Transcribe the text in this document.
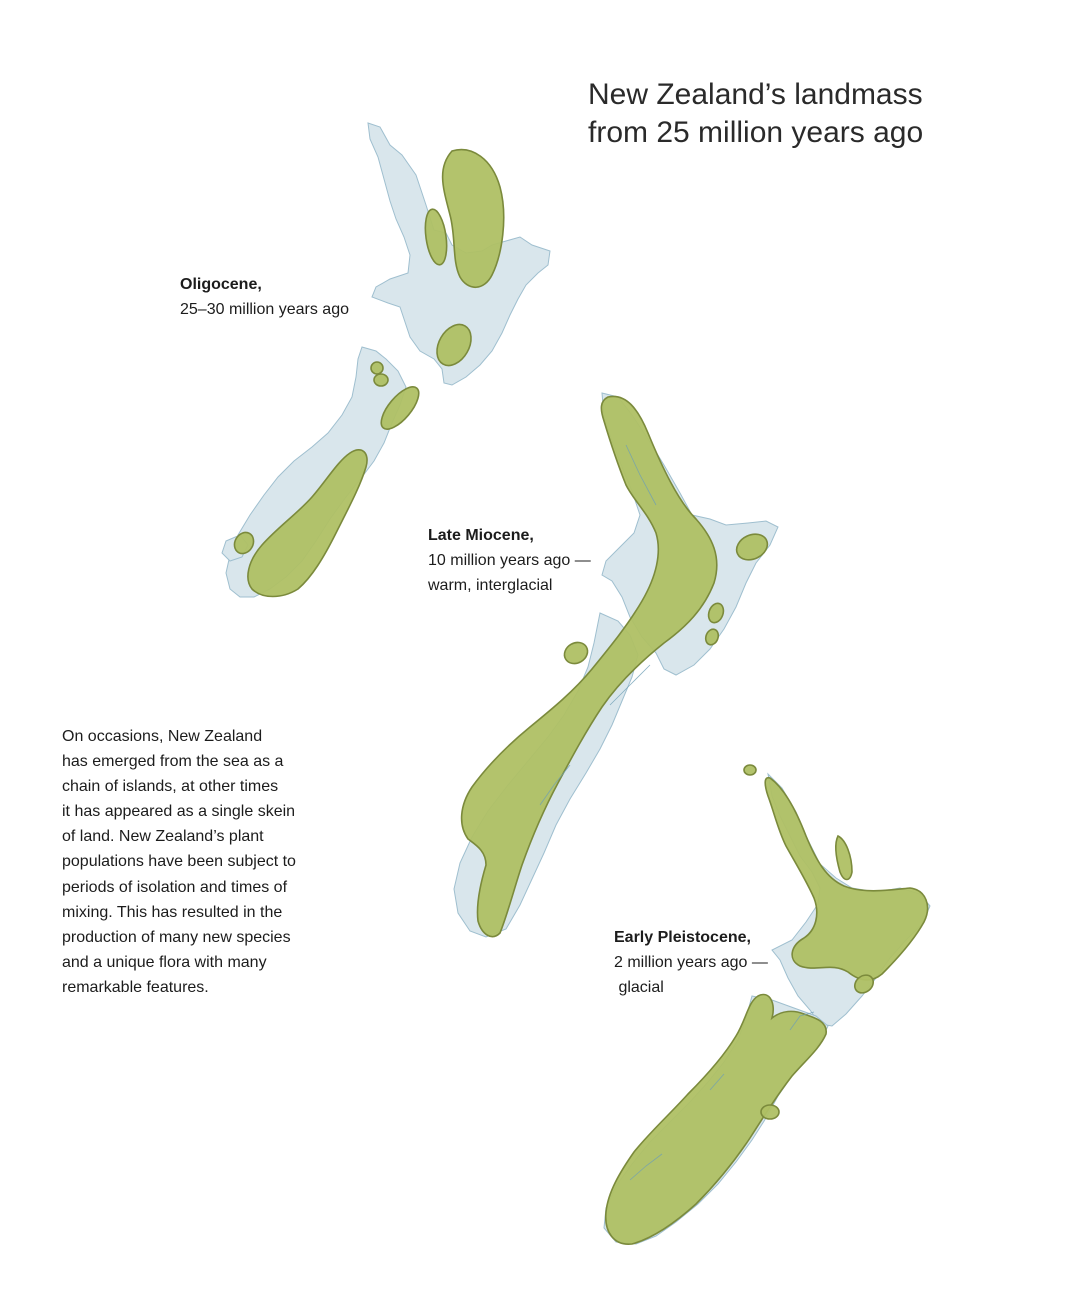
New Zealand’s landmass
from 25 million years ago
Oligocene,
25–30 million years ago
Late Miocene,
10 million years ago —
warm, interglacial
Early Pleistocene,
2 million years ago —
glacial
On occasions, New Zealand
has emerged from the sea as a
chain of islands, at other times
it has appeared as a single skein
of land. New Zealand’s plant
populations have been subject to
periods of isolation and times of
mixing. This has resulted in the
production of many new species
and a unique flora with many
remarkable features.
